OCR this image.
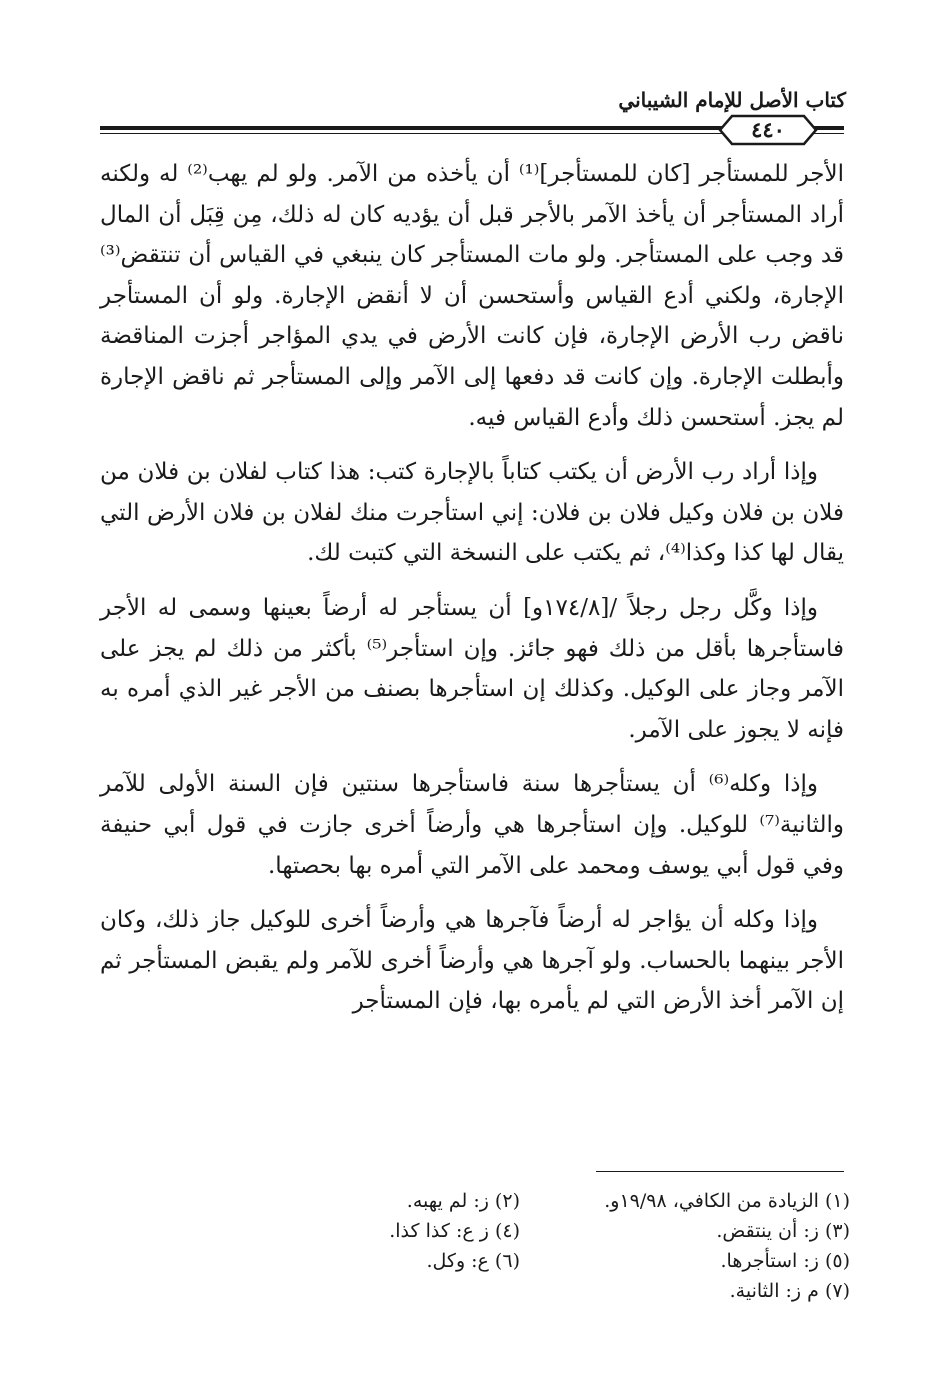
كتاب الأصل للإمام الشيباني
٤٤٠

الأجر للمستأجر [كان للمستأجر]⁽¹⁾ أن يأخذه من الآمر. ولو لم يهب⁽²⁾ له ولكنه أراد المستأجر أن يأخذ الآمر بالأجر قبل أن يؤديه كان له ذلك، مِن قِبَل أن المال قد وجب على المستأجر. ولو مات المستأجر كان ينبغي في القياس أن تنتقض⁽³⁾ الإجارة، ولكني أدع القياس وأستحسن أن لا أنقض الإجارة. ولو أن المستأجر ناقض رب الأرض الإجارة، فإن كانت الأرض في يدي المؤاجر أجزت المناقضة وأبطلت الإجارة. وإن كانت قد دفعها إلى الآمر وإلى المستأجر ثم ناقض الإجارة لم يجز. أستحسن ذلك وأدع القياس فيه.

وإذا أراد رب الأرض أن يكتب كتاباً بالإجارة كتب: هذا كتاب لفلان بن فلان من فلان بن فلان وكيل فلان بن فلان: إني استأجرت منك لفلان بن فلان الأرض التي يقال لها كذا وكذا⁽⁴⁾، ثم يكتب على النسخة التي كتبت لك.

وإذا وكَّل رجل رجلاً /[١٧٤/٨و] أن يستأجر له أرضاً بعينها وسمى له الأجر فاستأجرها بأقل من ذلك فهو جائز. وإن استأجر⁽⁵⁾ بأكثر من ذلك لم يجز على الآمر وجاز على الوكيل. وكذلك إن استأجرها بصنف من الأجر غير الذي أمره به فإنه لا يجوز على الآمر.

وإذا وكله⁽⁶⁾ أن يستأجرها سنة فاستأجرها سنتين فإن السنة الأولى للآمر والثانية⁽⁷⁾ للوكيل. وإن استأجرها هي وأرضاً أخرى جازت في قول أبي حنيفة وفي قول أبي يوسف ومحمد على الآمر التي أمره بها بحصتها.

وإذا وكله أن يؤاجر له أرضاً فآجرها هي وأرضاً أخرى للوكيل جاز ذلك، وكان الأجر بينهما بالحساب. ولو آجرها هي وأرضاً أخرى للآمر ولم يقبض المستأجر ثم إن الآمر أخذ الأرض التي لم يأمره بها، فإن المستأجر

(١) الزيادة من الكافي، ١٩/٩٨و.
(٢) ز: لم يهبه.
(٣) ز: أن ينتقض.
(٤) ز ع: كذا كذا.
(٥) ز: استأجرها.
(٦) ع: وكل.
(٧) م ز: الثانية.
